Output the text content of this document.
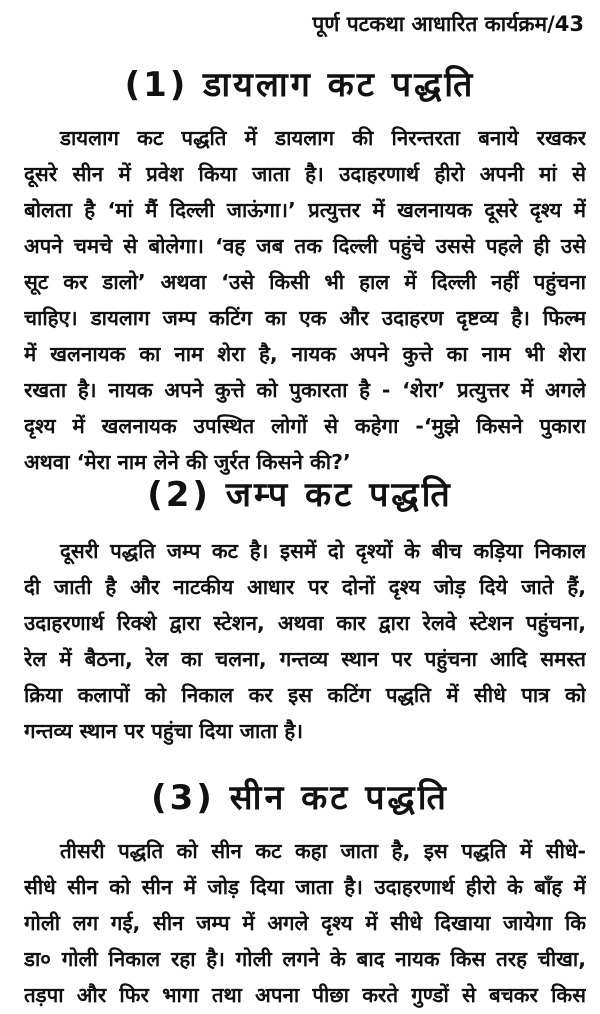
पूर्ण पटकथा आधारित कार्यक्रम/43
(1) डायलाग कट पद्धति
डायलाग कट पद्धति में डायलाग की निरन्तरता बनाये रखकर
दूसरे सीन में प्रवेश किया जाता है। उदाहरणार्थ हीरो अपनी मां से
बोलता है ‘मां मैं दिल्ली जाऊंगा।’ प्रत्युत्तर में खलनायक दूसरे दृश्य में
अपने चमचे से बोलेगा। ‘वह जब तक दिल्ली पहुंचे उससे पहले ही उसे
सूट कर डालो’ अथवा ‘उसे किसी भी हाल में दिल्ली नहीं पहुंचना
चाहिए। डायलाग जम्प कटिंग का एक और उदाहरण दृष्टव्य है। फिल्म
में खलनायक का नाम शेरा है, नायक अपने कुत्ते का नाम भी शेरा
रखता है। नायक अपने कुत्ते को पुकारता है - ‘शेरा’ प्रत्युत्तर में अगले
दृश्य में खलनायक उपस्थित लोगों से कहेगा -‘मुझे किसने पुकारा
अथवा ‘मेरा नाम लेने की जुर्रत किसने की?’
(2) जम्प कट पद्धति
दूसरी पद्धति जम्प कट है। इसमें दो दृश्यों के बीच कड़िया निकाल
दी जाती है और नाटकीय आधार पर दोनों दृश्य जोड़ दिये जाते हैं,
उदाहरणार्थ रिक्शे द्वारा स्टेशन, अथवा कार द्वारा रेलवे स्टेशन पहुंचना,
रेल में बैठना, रेल का चलना, गन्तव्य स्थान पर पहुंचना आदि समस्त
क्रिया कलापों को निकाल कर इस कटिंग पद्धति में सीधे पात्र को
गन्तव्य स्थान पर पहुंचा दिया जाता है।
(3) सीन कट पद्धति
तीसरी पद्धति को सीन कट कहा जाता है, इस पद्धति में सीधे-
सीधे सीन को सीन में जोड़ दिया जाता है। उदाहरणार्थ हीरो के बाँह में
गोली लग गई, सीन जम्प में अगले दृश्य में सीधे दिखाया जायेगा कि
डा० गोली निकाल रहा है। गोली लगने के बाद नायक किस तरह चीखा,
तड़पा और फिर भागा तथा अपना पीछा करते गुण्डों से बचकर किस
